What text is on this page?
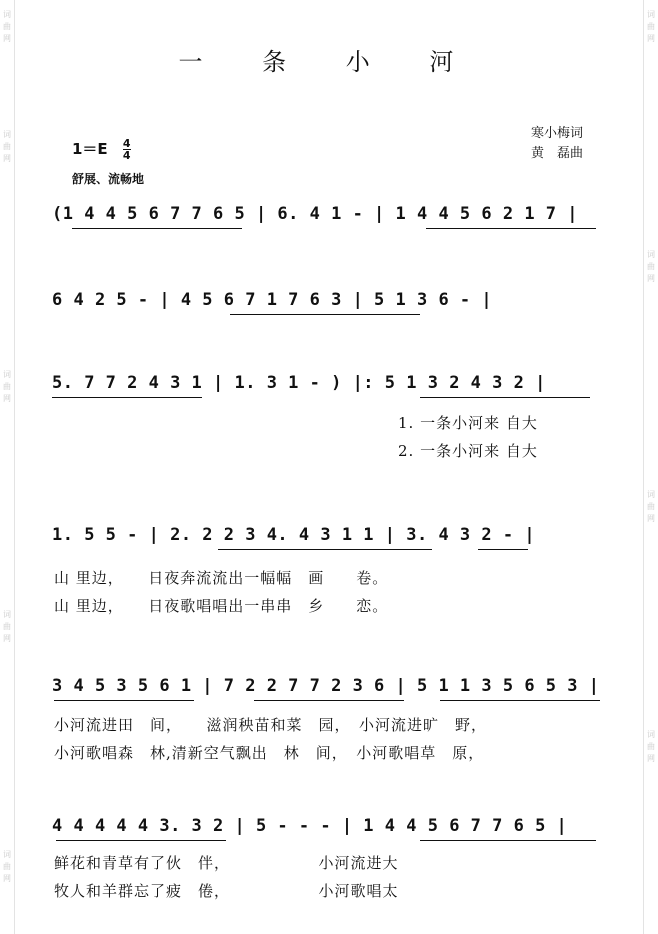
词
曲
网
词
曲
网
词
曲
网
词
曲
网
词
曲
网
词
曲
网
词
曲
网
词
曲
网
词
曲
网
一 条 小 河
寒小梅词
黄　磊曲
$1=E \frac{4}{4}$
舒展、流畅地
(1 4 4 5 6 7 7 6 5 | 6. 4 1 - | 1 4 4 5 6 2 1 7 |
6 4 2 5 - | 4 5 6 7 1 7 6 3 | 5 1 3 6 - |
5. 7 7 2 4 3 1 | 1. 3 1 - ) |: 5 1 3 2 4 3 2 |
1. 一条小河来 自大
2. 一条小河来 自大
1. 5 5 - | 2. 2 2 3 4. 4 3 1 1 | 3. 4 3 2 - |
山 里边，　　日夜奔流流出一幅幅　画　　卷。
山 里边，　　日夜歌唱唱出一串串　乡　　恋。
3 4 5 3 5 6 1 | 7 2 2 7 7 2 3 6 | 5 1 1 3 5 6 5 3 |
小河流进田　间，　　滋润秧苗和菜　园，　小河流进旷　野，
小河歌唱森　林,清新空气飘出　林　间，　小河歌唱草　原，
4 4 4 4 4 3. 3 2 | 5 - - - | 1 4 4 5 6 7 7 6 5 |
鲜花和青草有了伙　伴，　　　　　　小河流进大
牧人和羊群忘了疲　倦，　　　　　　小河歌唱太
